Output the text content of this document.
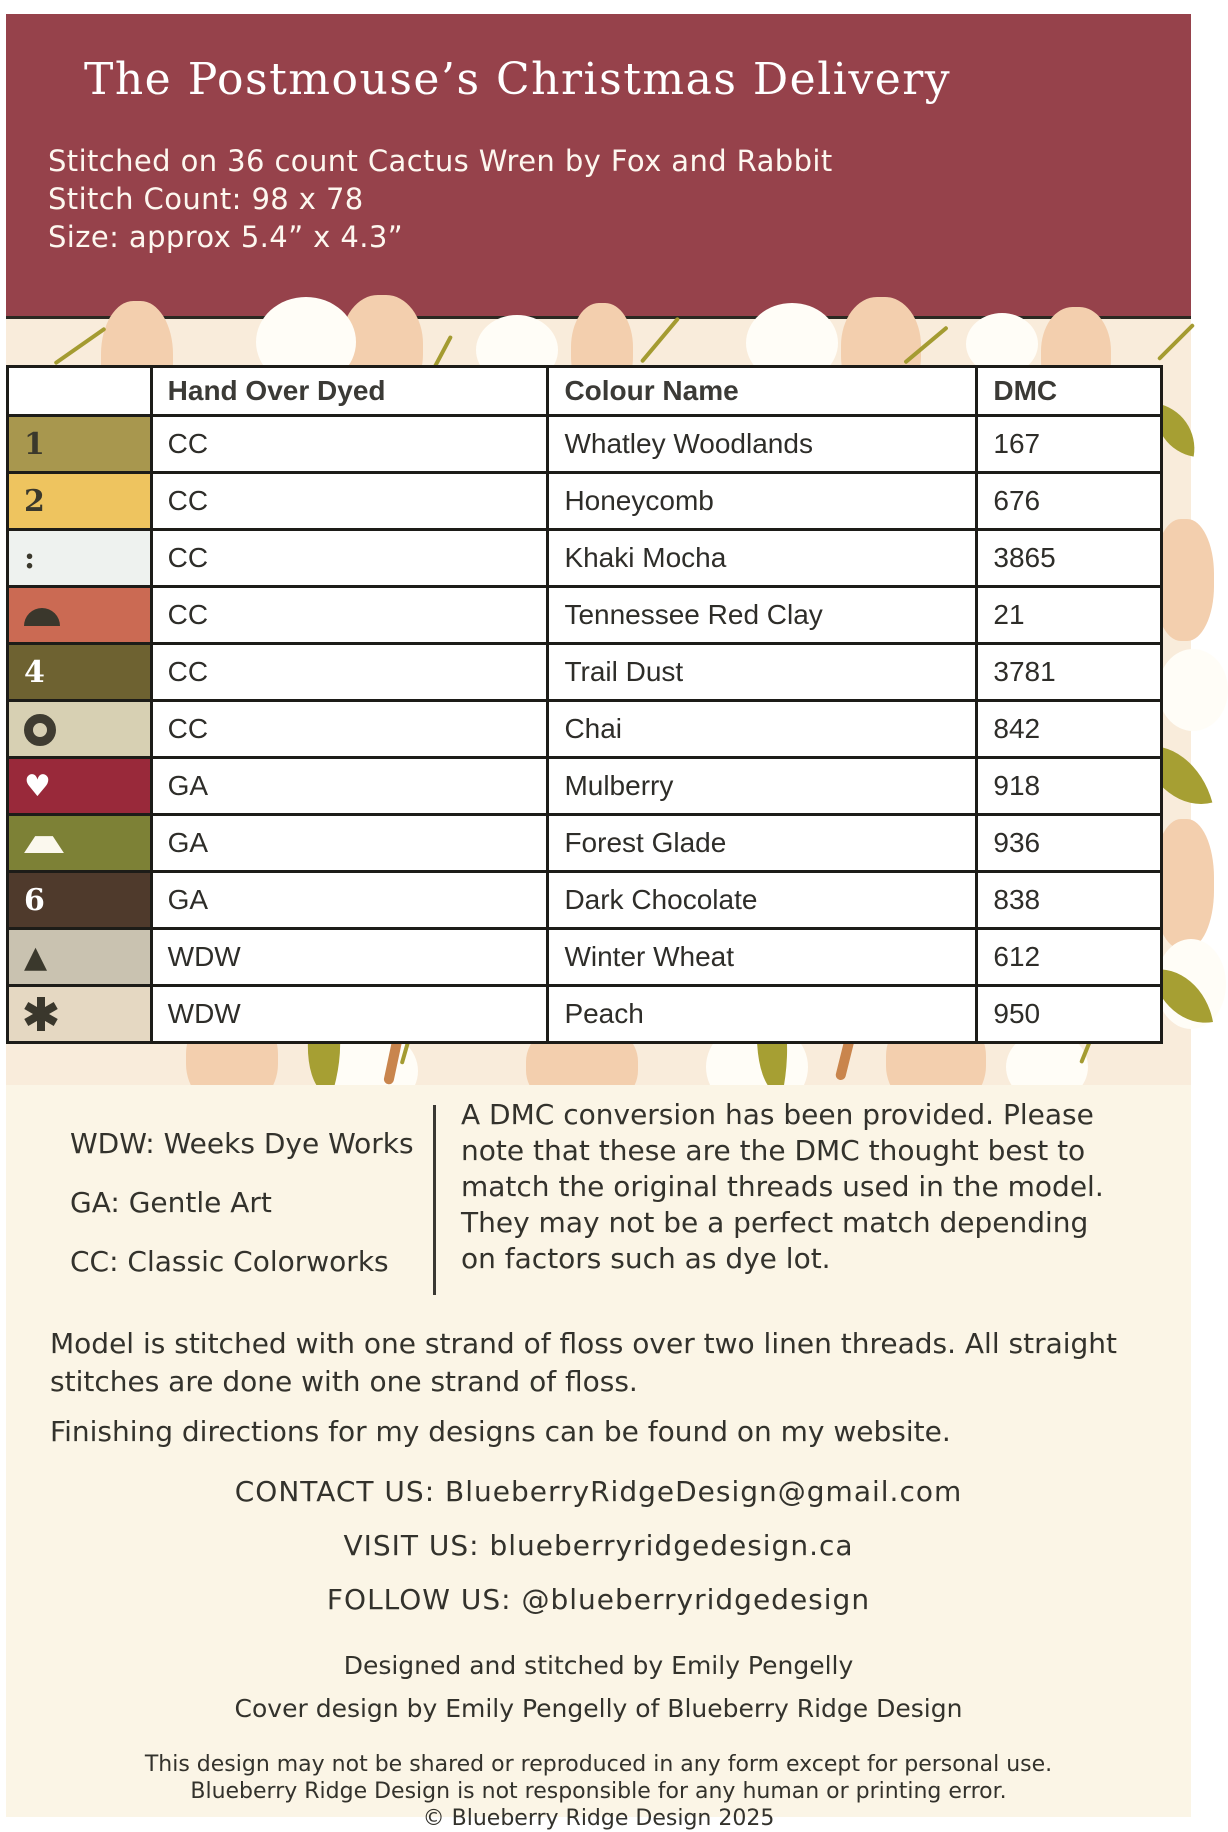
The Postmouse’s Christmas Delivery

Stitched on 36 count Cactus Wren by Fox and Rabbit

Stitch Count: 98 x 78

Size: approx 5.4” x 4.3”

	Hand Over Dyed	Colour Name	DMC
1	CC	Whatley Woodlands	167
2	CC	Honeycomb	676
:	CC	Khaki Mocha	3865
	CC	Tennessee Red Clay	21
4	CC	Trail Dust	3781
	CC	Chai	842
♥	GA	Mulberry	918
	GA	Forest Glade	936
6	GA	Dark Chocolate	838
▲	WDW	Winter Wheat	612
	WDW	Peach	950

WDW: Weeks Dye Works

GA: Gentle Art

CC: Classic Colorworks

A DMC conversion has been provided. Please note that these are the DMC thought best to match the original threads used in the model. They may not be a perfect match depending on factors such as dye lot.

Model is stitched with one strand of floss over two linen threads. All straight stitches are done with one strand of floss.

Finishing directions for my designs can be found on my website.

CONTACT US: BlueberryRidgeDesign@gmail.com

VISIT US: blueberryridgedesign.ca

FOLLOW US: @blueberryridgedesign

Designed and stitched by Emily Pengelly

Cover design by Emily Pengelly of Blueberry Ridge Design

This design may not be shared or reproduced in any form except for personal use.

Blueberry Ridge Design is not responsible for any human or printing error.

© Blueberry Ridge Design 2025
